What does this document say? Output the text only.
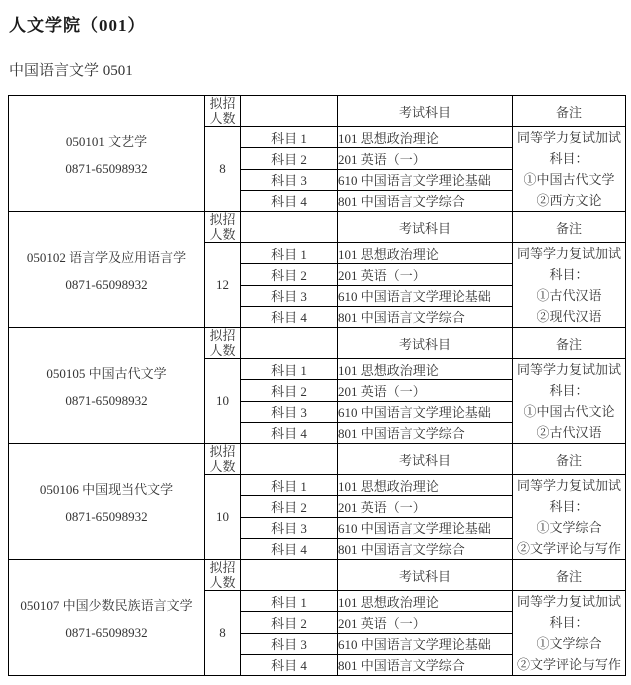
人文学院（001）
中国语言文学 0501
050101 文艺学
0871-65098932	拟招人数		考试科目	备注
	8	科目 1	101 思想政治理论	同等学力复试加试
科目：
①中国古代文学
②西方文论

		科目 2	201 英语（一）	
		科目 3	610 中国语言文学理论基础	
		科目 4	801 中国语言文学综合	
050102 语言学及应用语言学
0871-65098932	拟招人数		考试科目	备注
	12	科目 1	101 思想政治理论	同等学力复试加试
科目：
①古代汉语
②现代汉语

		科目 2	201 英语（一）	
		科目 3	610 中国语言文学理论基础	
		科目 4	801 中国语言文学综合	
050105 中国古代文学
0871-65098932	拟招人数		考试科目	备注
	10	科目 1	101 思想政治理论	同等学力复试加试
科目：
①中国古代文论
②古代汉语

		科目 2	201 英语（一）	
		科目 3	610 中国语言文学理论基础	
		科目 4	801 中国语言文学综合	
050106 中国现当代文学
0871-65098932	拟招人数		考试科目	备注
	10	科目 1	101 思想政治理论	同等学力复试加试
科目：
①文学综合
②文学评论与写作

		科目 2	201 英语（一）	
		科目 3	610 中国语言文学理论基础	
		科目 4	801 中国语言文学综合	
050107 中国少数民族语言文学
0871-65098932	拟招人数		考试科目	备注
	8	科目 1	101 思想政治理论	同等学力复试加试
科目：
①文学综合
②文学评论与写作

		科目 2	201 英语（一）	
		科目 3	610 中国语言文学理论基础	
		科目 4	801 中国语言文学综合	
